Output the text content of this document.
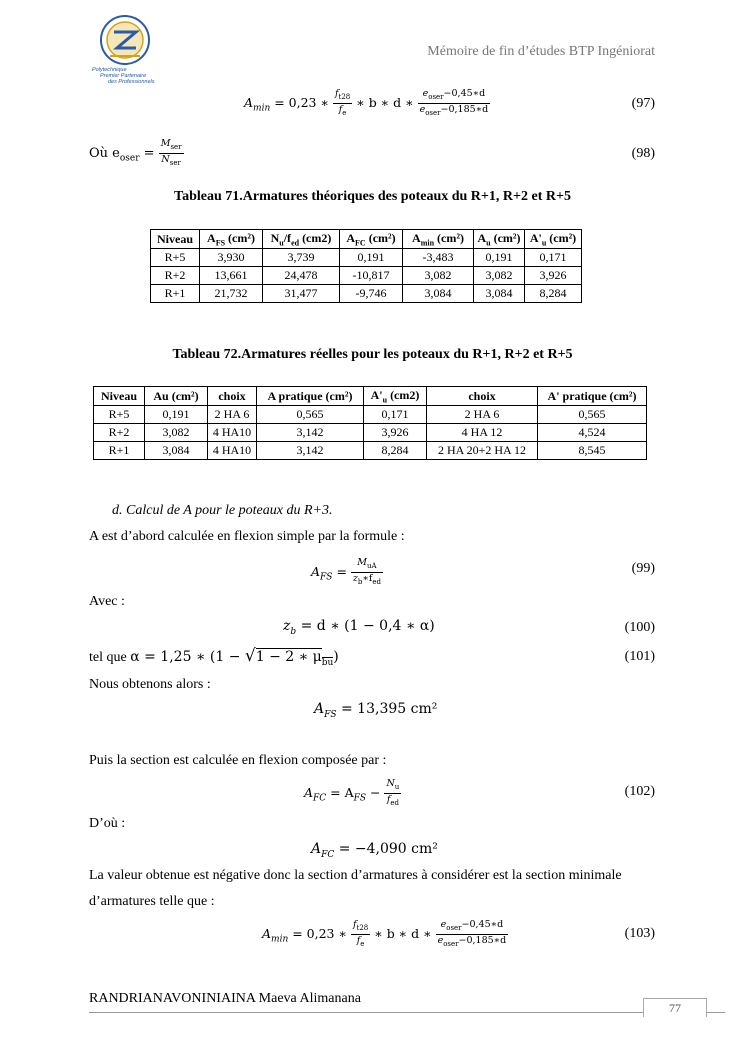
Polytechnique
Premier Partenaire
des Professionnels
Mémoire de fin d’études BTP Ingéniorat
$A_{min} = 0,23$ ∗ $\frac{f_{t28}}{f_e}$ ∗ b ∗ d ∗ $\frac{e_{oser}-0,45∗d}{e_{oser}-0,185∗d}$	(97)
Où $e_{oser} = \frac{M_{ser}}{N_{ser}}$	(98)
Tableau 71.Armatures théoriques des poteaux du R+1, R+2 et R+5
Niveau	$A_{FS}$ (cm²)	$N_u/f_{ed}$ (cm2)	$A_{FC}$ (cm²)	$A_{min}$ (cm²)	$A_u$ (cm²)	$A'_u$ (cm²)
R+5	3,930	3,739	0,191	-3,483	0,191	0,171
R+2	13,661	24,478	-10,817	3,082	3,082	3,926
R+1	21,732	31,477	-9,746	3,084	3,084	8,284
Tableau 72.Armatures réelles pour les poteaux du R+1, R+2 et R+5
Niveau	Au (cm²)	choix	A pratique (cm²)	$A'_u$ (cm2)	choix	A' pratique (cm²)
R+5	0,191	2 HA 6	0,565	0,171	2 HA 6	0,565
R+2	3,082	4 HA10	3,142	3,926	4 HA 12	4,524
R+1	3,084	4 HA10	3,142	8,284	2 HA 20+2 HA 12	8,545
d. Calcul de A pour le poteaux du R+3.
A est d’abord calculée en flexion simple par la formule :
$A_{FS} = \frac{M_{uA}}{z_b∗f_{ed}}$	(99)
Avec :
$z_b = d$ ∗ (1 − 0,4 ∗ α)	(100)
tel que α = 1,25 ∗ (1 − √1 − 2 ∗ $\mu_{bu}$)	(101)
Nous obtenons alors :
$A_{FS} = 13,395$ cm²
Puis la section est calculée en flexion composée par :
$A_{FC} = A_{FS} - \frac{N_u}{f_{ed}}$	(102)
D’où :
$A_{FC} = -4,090$ cm²
La valeur obtenue est négative donc la section d’armatures à considérer est la section minimale
d’armatures telle que :
$A_{min} = 0,23$ ∗ $\frac{f_{t28}}{f_e}$ ∗ b ∗ d ∗ $\frac{e_{oser}-0,45∗d}{e_{oser}-0,185∗d}$	(103)
RANDRIANAVONINIAINA Maeva Alimanana
77
